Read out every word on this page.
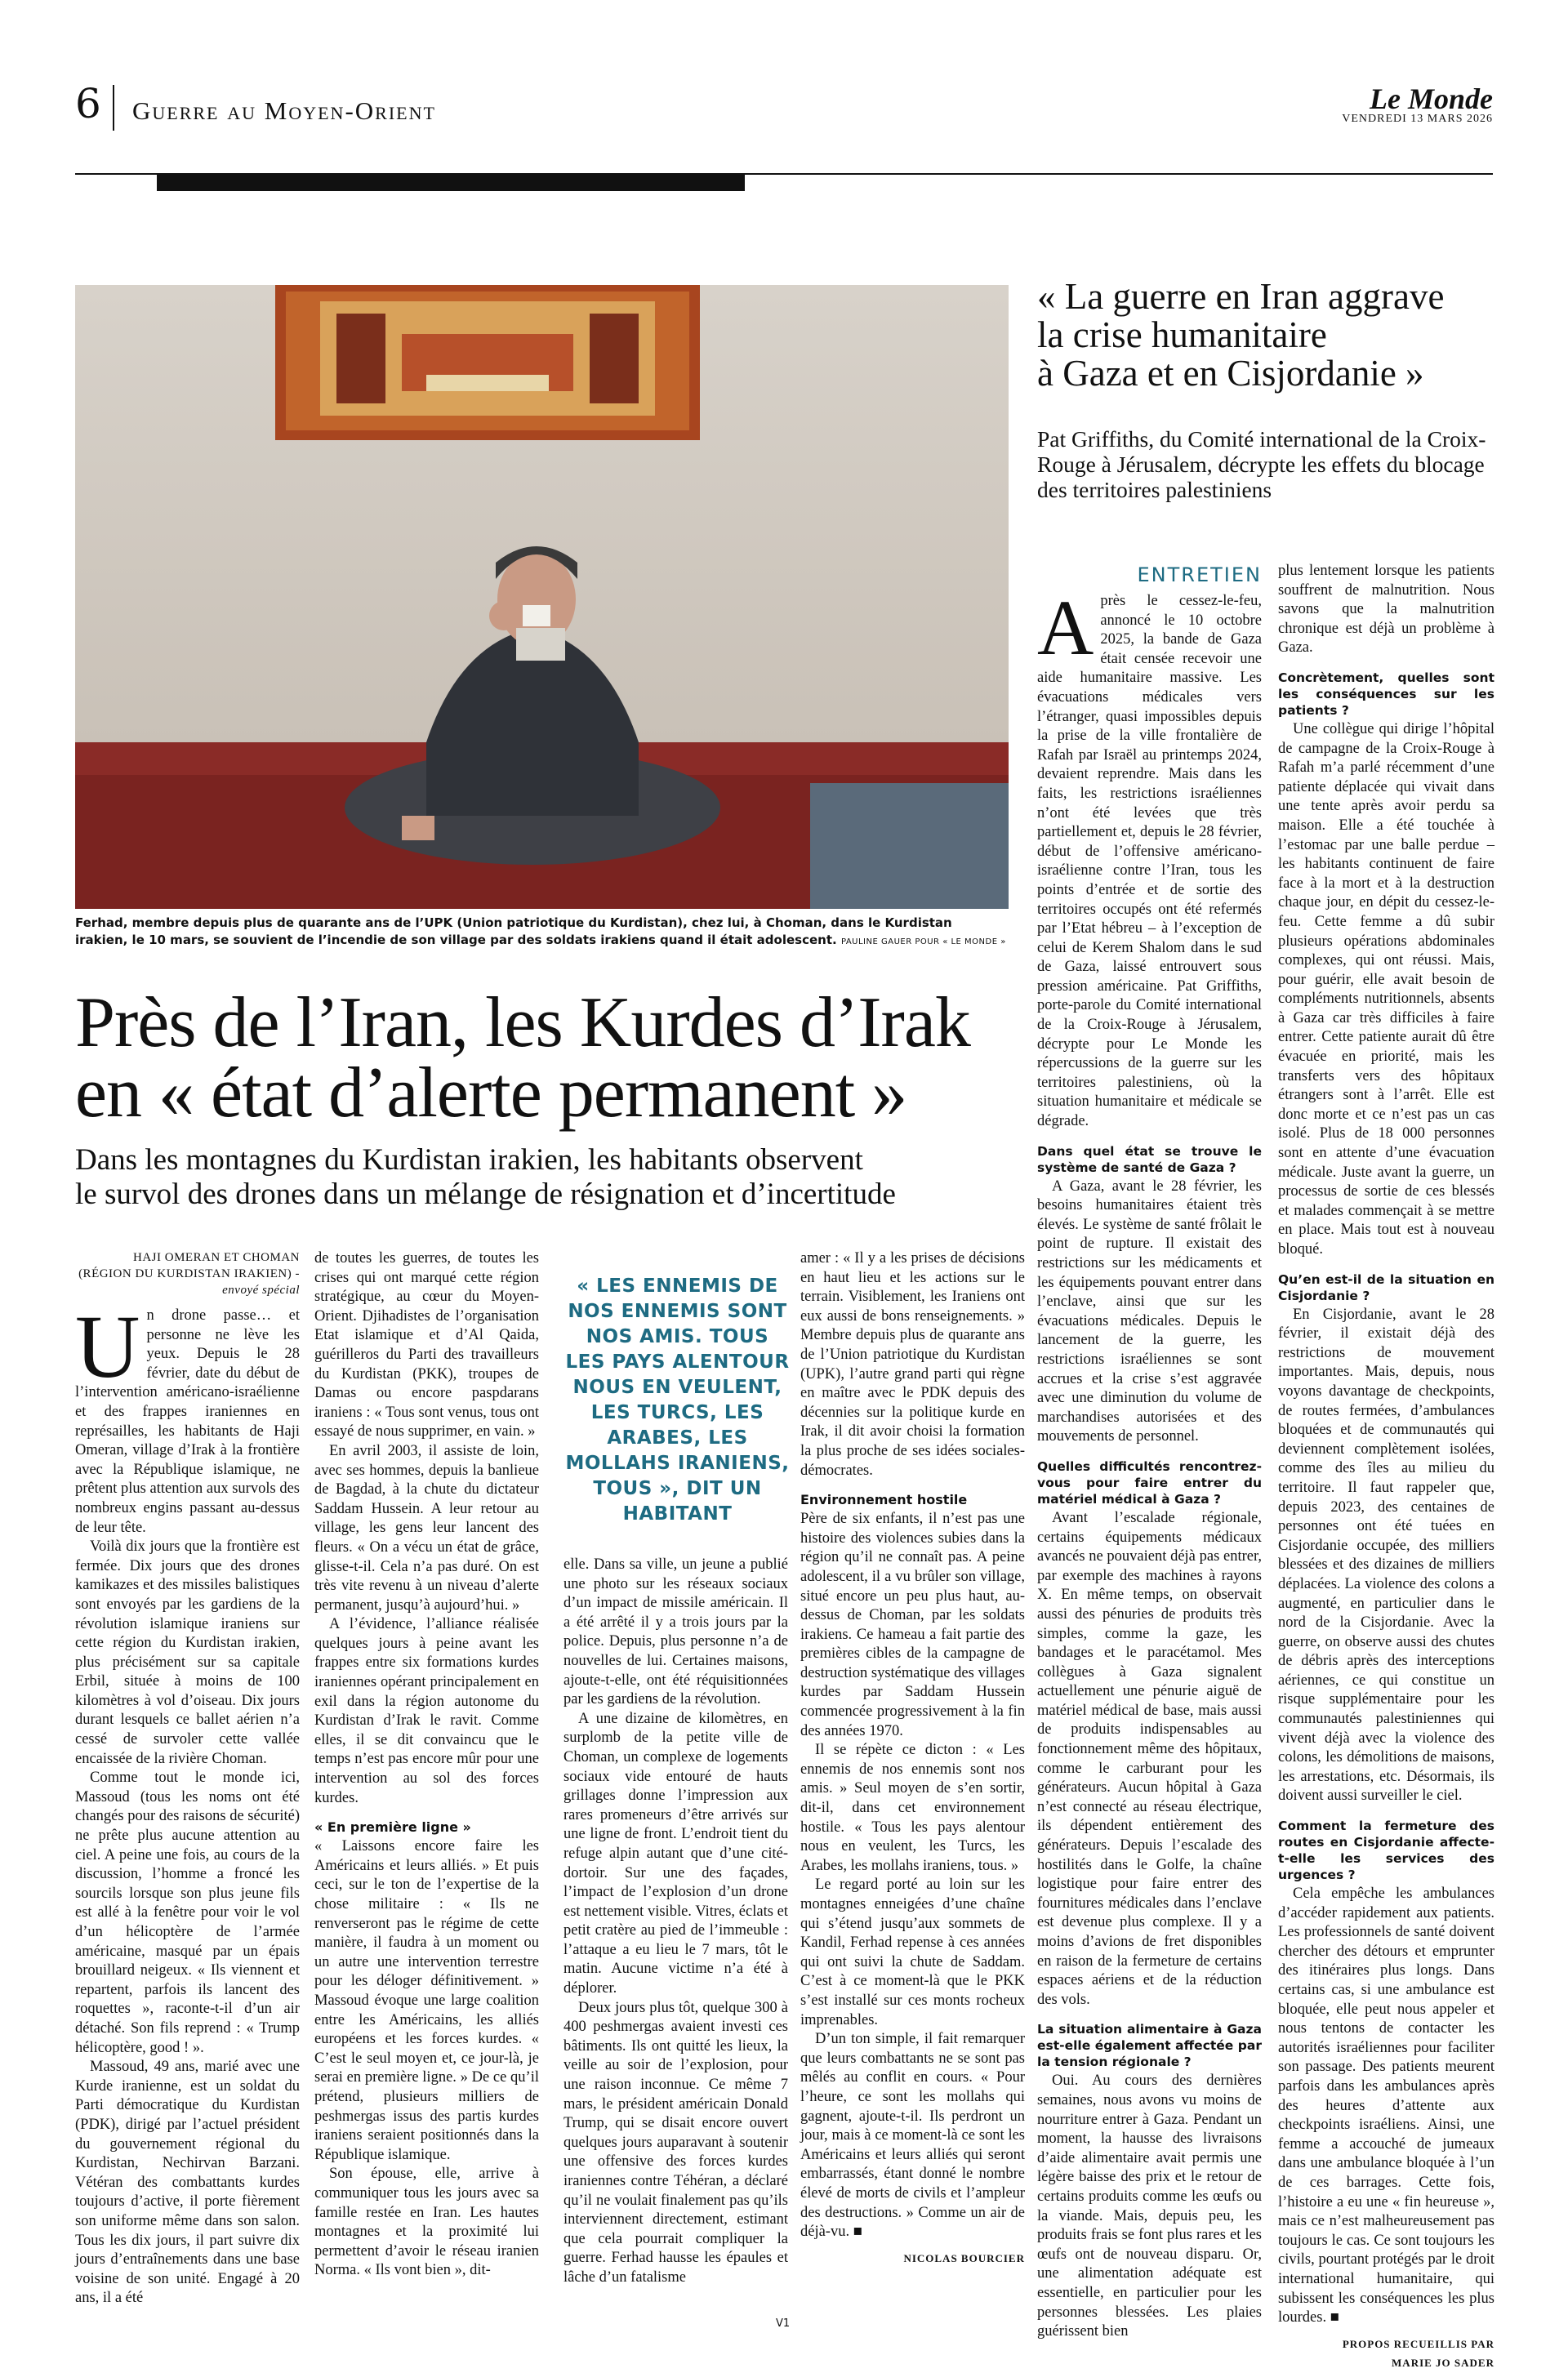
6 Guerre au Moyen-Orient	Le Monde
VENDREDI 13 MARS 2026
Ferhad, membre depuis plus de quarante ans de l’UPK (Union patriotique du Kurdistan), chez lui, à Choman, dans le Kurdistan irakien, le 10 mars, se souvient de l’incendie de son village par des soldats irakiens quand il était adolescent. PAULINE GAUER POUR « LE MONDE »
Près de l’Iran, les Kurdes d’Irak
en « état d’alerte permanent »
Dans les montagnes du Kurdistan irakien, les habitants observent
le survol des drones dans un mélange de résignation et d’incertitude
HAJI OMERAN ET CHOMAN
(RÉGION DU KURDISTAN IRAKIEN) -
envoyé spécial
U n drone passe… et personne ne lève les yeux. Depuis le 28 février, date du début de l’intervention américano-israélienne et des frappes iraniennes en représailles, les habitants de Haji Omeran, village d’Irak à la frontière avec la République islamique, ne prêtent plus attention aux survols des nombreux engins passant au-dessus de leur tête.

Voilà dix jours que la frontière est fermée. Dix jours que des drones kamikazes et des missiles balistiques sont envoyés par les gardiens de la révolution islamique iraniens sur cette région du Kurdistan irakien, plus précisément sur sa capitale Erbil, située à moins de 100 kilomètres à vol d’oiseau. Dix jours durant lesquels ce ballet aérien n’a cessé de survoler cette vallée encaissée de la rivière Choman.

Comme tout le monde ici, Massoud (tous les noms ont été changés pour des raisons de sécurité) ne prête plus aucune attention au ciel. A peine une fois, au cours de la discussion, l’homme a froncé les sourcils lorsque son plus jeune fils est allé à la fenêtre pour voir le vol d’un hélicoptère de l’armée américaine, masqué par un épais brouillard neigeux. « Ils viennent et repartent, parfois ils lancent des roquettes », raconte-t-il d’un air détaché. Son fils reprend : « Trump hélicoptère, good ! ».

Massoud, 49 ans, marié avec une Kurde iranienne, est un soldat du Parti démocratique du Kurdistan (PDK), dirigé par l’actuel président du gouvernement régional du Kurdistan, Nechirvan Barzani. Vétéran des combattants kurdes toujours d’active, il porte fièrement son uniforme même dans son salon. Tous les dix jours, il part suivre dix jours d’entraînements dans une base voisine de son unité. Engagé à 20 ans, il a été

de toutes les guerres, de toutes les crises qui ont marqué cette région stratégique, au cœur du Moyen-Orient. Djihadistes de l’organisation Etat islamique et d’Al Qaida, guérilleros du Parti des travailleurs du Kurdistan (PKK), troupes de Damas ou encore paspdarans iraniens : « Tous sont venus, tous ont essayé de nous supprimer, en vain. »

En avril 2003, il assiste de loin, avec ses hommes, depuis la banlieue de Bagdad, à la chute du dictateur Saddam Hussein. A leur retour au village, les gens leur lancent des fleurs. « On a vécu un état de grâce, glisse-t-il. Cela n’a pas duré. On est très vite revenu à un niveau d’alerte permanent, jusqu’à aujourd’hui. »

A l’évidence, l’alliance réalisée quelques jours à peine avant les frappes entre six formations kurdes iraniennes opérant principalement en exil dans la région autonome du Kurdistan d’Irak le ravit. Comme elles, il se dit convaincu que le temps n’est pas encore mûr pour une intervention au sol des forces kurdes.

« En première ligne »

« Laissons encore faire les Américains et leurs alliés. » Et puis ceci, sur le ton de l’expertise de la chose militaire : « Ils ne renverseront pas le régime de cette manière, il faudra à un moment ou un autre une intervention terrestre pour les déloger définitivement. » Massoud évoque une large coalition entre les Américains, les alliés européens et les forces kurdes. « C’est le seul moyen et, ce jour-là, je serai en première ligne. » De ce qu’il prétend, plusieurs milliers de peshmergas issus des partis kurdes iraniens seraient positionnés dans la République islamique.

Son épouse, elle, arrive à communiquer tous les jours avec sa famille restée en Iran. Les hautes montagnes et la proximité lui permettent d’avoir le réseau iranien Norma. « Ils vont bien », dit-

« LES ENNEMIS DE NOS ENNEMIS SONT NOS AMIS. TOUS LES PAYS ALENTOUR NOUS EN VEULENT, LES TURCS, LES ARABES, LES MOLLAHS IRANIENS, TOUS », DIT UN HABITANT

elle. Dans sa ville, un jeune a publié une photo sur les réseaux sociaux d’un impact de missile américain. Il a été arrêté il y a trois jours par la police. Depuis, plus personne n’a de nouvelles de lui. Certaines maisons, ajoute-t-elle, ont été réquisitionnées par les gardiens de la révolution.

A une dizaine de kilomètres, en surplomb de la petite ville de Choman, un complexe de logements sociaux vide entouré de hauts grillages donne l’impression aux rares promeneurs d’être arrivés sur une ligne de front. L’endroit tient du refuge alpin autant que d’une cité-dortoir. Sur une des façades, l’impact de l’explosion d’un drone est nettement visible. Vitres, éclats et petit cratère au pied de l’immeuble : l’attaque a eu lieu le 7 mars, tôt le matin. Aucune victime n’a été à déplorer.

Deux jours plus tôt, quelque 300 à 400 peshmergas avaient investi ces bâtiments. Ils ont quitté les lieux, la veille au soir de l’explosion, pour une raison inconnue. Ce même 7 mars, le président américain Donald Trump, qui se disait encore ouvert quelques jours auparavant à soutenir une offensive des forces kurdes iraniennes contre Téhéran, a déclaré qu’il ne voulait finalement pas qu’ils interviennent directement, estimant que cela pourrait compliquer la guerre. Ferhad hausse les épaules et lâche d’un fatalisme

amer : « Il y a les prises de décisions en haut lieu et les actions sur le terrain. Visiblement, les Iraniens ont eux aussi de bons renseignements. » Membre depuis plus de quarante ans de l’Union patriotique du Kurdistan (UPK), l’autre grand parti qui règne en maître avec le PDK depuis des décennies sur la politique kurde en Irak, il dit avoir choisi la formation la plus proche de ses idées sociales-démocrates.

Environnement hostile

Père de six enfants, il n’est pas une histoire des violences subies dans la région qu’il ne connaît pas. A peine adolescent, il a vu brûler son village, situé encore un peu plus haut, au-dessus de Choman, par les soldats irakiens. Ce hameau a fait partie des premières cibles de la campagne de destruction systématique des villages kurdes par Saddam Hussein commencée progressivement à la fin des années 1970.

Il se répète ce dicton : « Les ennemis de nos ennemis sont nos amis. » Seul moyen de s’en sortir, dit-il, dans cet environnement hostile. « Tous les pays alentour nous en veulent, les Turcs, les Arabes, les mollahs iraniens, tous. »

Le regard porté au loin sur les montagnes enneigées d’une chaîne qui s’étend jusqu’aux sommets de Kandil, Ferhad repense à ces années qui ont suivi la chute de Saddam. C’est à ce moment-là que le PKK s’est installé sur ces monts rocheux imprenables.

D’un ton simple, il fait remarquer que leurs combattants ne se sont pas mêlés au conflit en cours. « Pour l’heure, ce sont les mollahs qui gagnent, ajoute-t-il. Ils perdront un jour, mais à ce moment-là ce sont les Américains et leurs alliés qui seront embarrassés, étant donné le nombre élevé de morts de civils et l’ampleur des destructions. » Comme un air de déjà-vu. ■

NICOLAS BOURCIER
« La guerre en Iran aggrave
la crise humanitaire
à Gaza et en Cisjordanie »
Pat Griffiths, du Comité international de la Croix-Rouge à Jérusalem, décrypte les effets du blocage des territoires palestiniens
ENTRETIEN
A près le cessez-le-feu, annoncé le 10 octobre 2025, la bande de Gaza était censée recevoir une aide humanitaire massive. Les évacuations médicales vers l’étranger, quasi impossibles depuis la prise de la ville frontalière de Rafah par Israël au printemps 2024, devaient reprendre. Mais dans les faits, les restrictions israéliennes n’ont été levées que très partiellement et, depuis le 28 février, début de l’offensive américano-israélienne contre l’Iran, tous les points d’entrée et de sortie des territoires occupés ont été refermés par l’Etat hébreu – à l’exception de celui de Kerem Shalom dans le sud de Gaza, laissé entrouvert sous pression américaine. Pat Griffiths, porte-parole du Comité international de la Croix-Rouge à Jérusalem, décrypte pour Le Monde les répercussions de la guerre sur les territoires palestiniens, où la situation humanitaire et médicale se dégrade.

Dans quel état se trouve le système de santé de Gaza ?

A Gaza, avant le 28 février, les besoins humanitaires étaient très élevés. Le système de santé frôlait le point de rupture. Il existait des restrictions sur les médicaments et les équipements pouvant entrer dans l’enclave, ainsi que sur les évacuations médicales. Depuis le lancement de la guerre, les restrictions israéliennes se sont accrues et la crise s’est aggravée avec une diminution du volume de marchandises autorisées et des mouvements de personnel.

Quelles difficultés rencontrez-vous pour faire entrer du matériel médical à Gaza ?

Avant l’escalade régionale, certains équipements médicaux avancés ne pouvaient déjà pas entrer, par exemple des machines à rayons X. En même temps, on observait aussi des pénuries de produits très simples, comme la gaze, les bandages et le paracétamol. Mes collègues à Gaza signalent actuellement une pénurie aiguë de matériel médical de base, mais aussi de produits indispensables au fonctionnement même des hôpitaux, comme le carburant pour les générateurs. Aucun hôpital à Gaza n’est connecté au réseau électrique, ils dépendent entièrement des générateurs. Depuis l’escalade des hostilités dans le Golfe, la chaîne logistique pour faire entrer des fournitures médicales dans l’enclave est devenue plus complexe. Il y a moins d’avions de fret disponibles en raison de la fermeture de certains espaces aériens et de la réduction des vols.

La situation alimentaire à Gaza est-elle également affectée par la tension régionale ?

Oui. Au cours des dernières semaines, nous avons vu moins de nourriture entrer à Gaza. Pendant un moment, la hausse des livraisons d’aide alimentaire avait permis une légère baisse des prix et le retour de certains produits comme les œufs ou la viande. Mais, depuis peu, les produits frais se font plus rares et les œufs ont de nouveau disparu. Or, une alimentation adéquate est essentielle, en particulier pour les personnes blessées. Les plaies guérissent bien

plus lentement lorsque les patients souffrent de malnutrition. Nous savons que la malnutrition chronique est déjà un problème à Gaza.

Concrètement, quelles sont les conséquences sur les patients ?

Une collègue qui dirige l’hôpital de campagne de la Croix-Rouge à Rafah m’a parlé récemment d’une patiente déplacée qui vivait dans une tente après avoir perdu sa maison. Elle a été touchée à l’estomac par une balle perdue – les habitants continuent de faire face à la mort et à la destruction chaque jour, en dépit du cessez-le-feu. Cette femme a dû subir plusieurs opérations abdominales complexes, qui ont réussi. Mais, pour guérir, elle avait besoin de compléments nutritionnels, absents à Gaza car très difficiles à faire entrer. Cette patiente aurait dû être évacuée en priorité, mais les transferts vers des hôpitaux étrangers sont à l’arrêt. Elle est donc morte et ce n’est pas un cas isolé. Plus de 18 000 personnes sont en attente d’une évacuation médicale. Juste avant la guerre, un processus de sortie de ces blessés et malades commençait à se mettre en place. Mais tout est à nouveau bloqué.

Qu’en est-il de la situation en Cisjordanie ?

En Cisjordanie, avant le 28 février, il existait déjà des restrictions de mouvement importantes. Mais, depuis, nous voyons davantage de checkpoints, de routes fermées, d’ambulances bloquées et de communautés qui deviennent complètement isolées, comme des îles au milieu du territoire. Il faut rappeler que, depuis 2023, des centaines de personnes ont été tuées en Cisjordanie occupée, des milliers blessées et des dizaines de milliers déplacées. La violence des colons a augmenté, en particulier dans le nord de la Cisjordanie. Avec la guerre, on observe aussi des chutes de débris après des interceptions aériennes, ce qui constitue un risque supplémentaire pour les communautés palestiniennes qui vivent déjà avec la violence des colons, les démolitions de maisons, les arrestations, etc. Désormais, ils doivent aussi surveiller le ciel.

Comment la fermeture des routes en Cisjordanie affecte-t-elle les services des urgences ?

Cela empêche les ambulances d’accéder rapidement aux patients. Les professionnels de santé doivent chercher des détours et emprunter des itinéraires plus longs. Dans certains cas, si une ambulance est bloquée, elle peut nous appeler et nous tentons de contacter les autorités israéliennes pour faciliter son passage. Des patients meurent parfois dans les ambulances après des heures d’attente aux checkpoints israéliens. Ainsi, une femme a accouché de jumeaux dans une ambulance bloquée à l’un de ces barrages. Cette fois, l’histoire a eu une « fin heureuse », mais ce n’est malheureusement pas toujours le cas. Ce sont toujours les civils, pourtant protégés par le droit international humanitaire, qui subissent les conséquences les plus lourdes. ■

PROPOS RECUEILLIS PAR
MARIE JO SADER
V1
